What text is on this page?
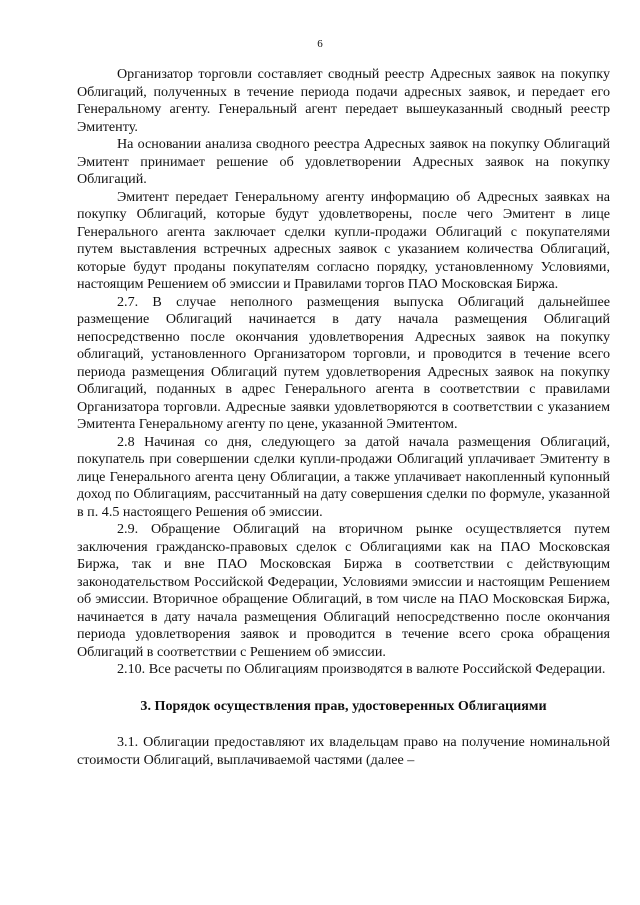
6

Организатор торговли составляет сводный реестр Адресных заявок на покупку Облигаций, полученных в течение периода подачи адресных заявок, и передает его Генеральному агенту. Генеральный агент передает вышеуказанный сводный реестр Эмитенту.

На основании анализа сводного реестра Адресных заявок на покупку Облигаций Эмитент принимает решение об удовлетворении Адресных заявок на покупку Облигаций.

Эмитент передает Генеральному агенту информацию об Адресных заявках на покупку Облигаций, которые будут удовлетворены, после чего Эмитент в лице Генерального агента заключает сделки купли-продажи Облигаций с покупателями путем выставления встречных адресных заявок с указанием количества Облигаций, которые будут проданы покупателям согласно порядку, установленному Условиями, настоящим Решением об эмиссии и Правилами торгов ПАО Московская Биржа.

2.7. В случае неполного размещения выпуска Облигаций дальнейшее размещение Облигаций начинается в дату начала размещения Облигаций непосредственно после окончания удовлетворения Адресных заявок на покупку облигаций, установленного Организатором торговли, и проводится в течение всего периода размещения Облигаций путем удовлетворения Адресных заявок на покупку Облигаций, поданных в адрес Генерального агента в соответствии с правилами Организатора торговли. Адресные заявки удовлетворяются в соответствии с указанием Эмитента Генеральному агенту по цене, указанной Эмитентом.

2.8 Начиная со дня, следующего за датой начала размещения Облигаций, покупатель при совершении сделки купли-продажи Облигаций уплачивает Эмитенту в лице Генерального агента цену Облигации, а также уплачивает накопленный купонный доход по Облигациям, рассчитанный на дату совершения сделки по формуле, указанной в п. 4.5 настоящего Решения об эмиссии.

2.9. Обращение Облигаций на вторичном рынке осуществляется путем заключения гражданско-правовых сделок с Облигациями как на ПАО Московская Биржа, так и вне ПАО Московская Биржа в соответствии с действующим законодательством Российской Федерации, Условиями эмиссии и настоящим Решением об эмиссии. Вторичное обращение Облигаций, в том числе на ПАО Московская Биржа, начинается в дату начала размещения Облигаций непосредственно после окончания периода удовлетворения заявок и проводится в течение всего срока обращения Облигаций в соответствии с Решением об эмиссии.

2.10. Все расчеты по Облигациям производятся в валюте Российской Федерации.

3. Порядок осуществления прав, удостоверенных Облигациями

3.1. Облигации предоставляют их владельцам право на получение номинальной стоимости Облигаций, выплачиваемой частями (далее –
